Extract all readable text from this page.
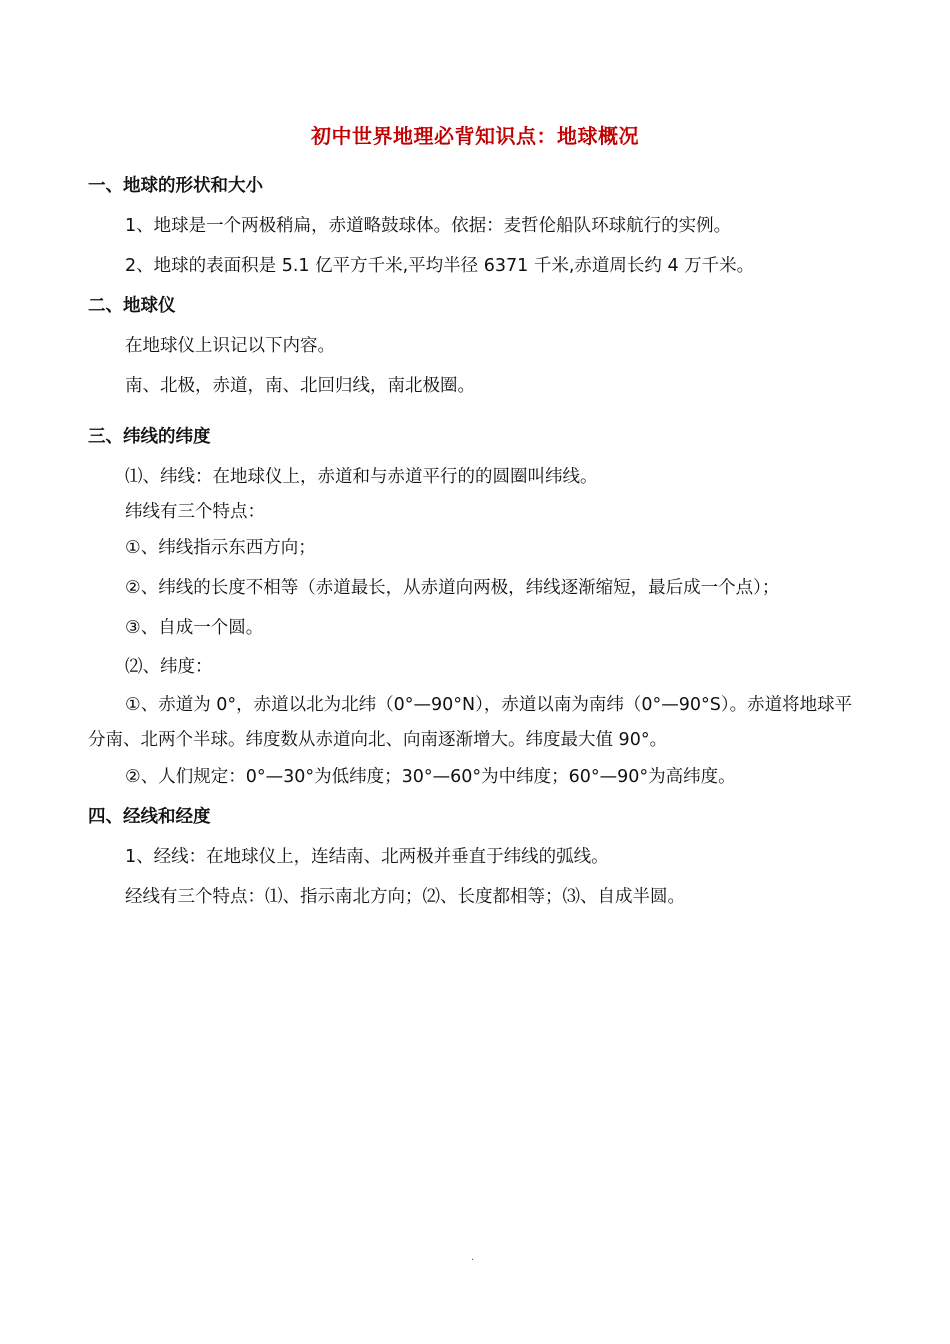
初中世界地理必背知识点：地球概况
一、地球的形状和大小
1、地球是一个两极稍扁，赤道略鼓球体。依据：麦哲伦船队环球航行的实例。
2、地球的表面积是 5.1 亿平方千米,平均半径 6371 千米,赤道周长约 4 万千米。
二、地球仪
在地球仪上识记以下内容。
南、北极，赤道，南、北回归线，南北极圈。
三、纬线的纬度
⑴、纬线：在地球仪上，赤道和与赤道平行的的圆圈叫纬线。
纬线有三个特点：
①、纬线指示东西方向；
②、纬线的长度不相等（赤道最长，从赤道向两极，纬线逐渐缩短，最后成一个点）；
③、自成一个圆。
⑵、纬度：
①、赤道为 0°，赤道以北为北纬（0°—90°N），赤道以南为南纬（0°—90°S）。赤道将地球平分南、北两个半球。纬度数从赤道向北、向南逐渐增大。纬度最大值 90°。
②、人们规定：0°—30°为低纬度；30°—60°为中纬度；60°—90°为高纬度。
四、经线和经度
1、经线：在地球仪上，连结南、北两极并垂直于纬线的弧线。
经线有三个特点：⑴、指示南北方向；⑵、长度都相等；⑶、自成半圆。
.
